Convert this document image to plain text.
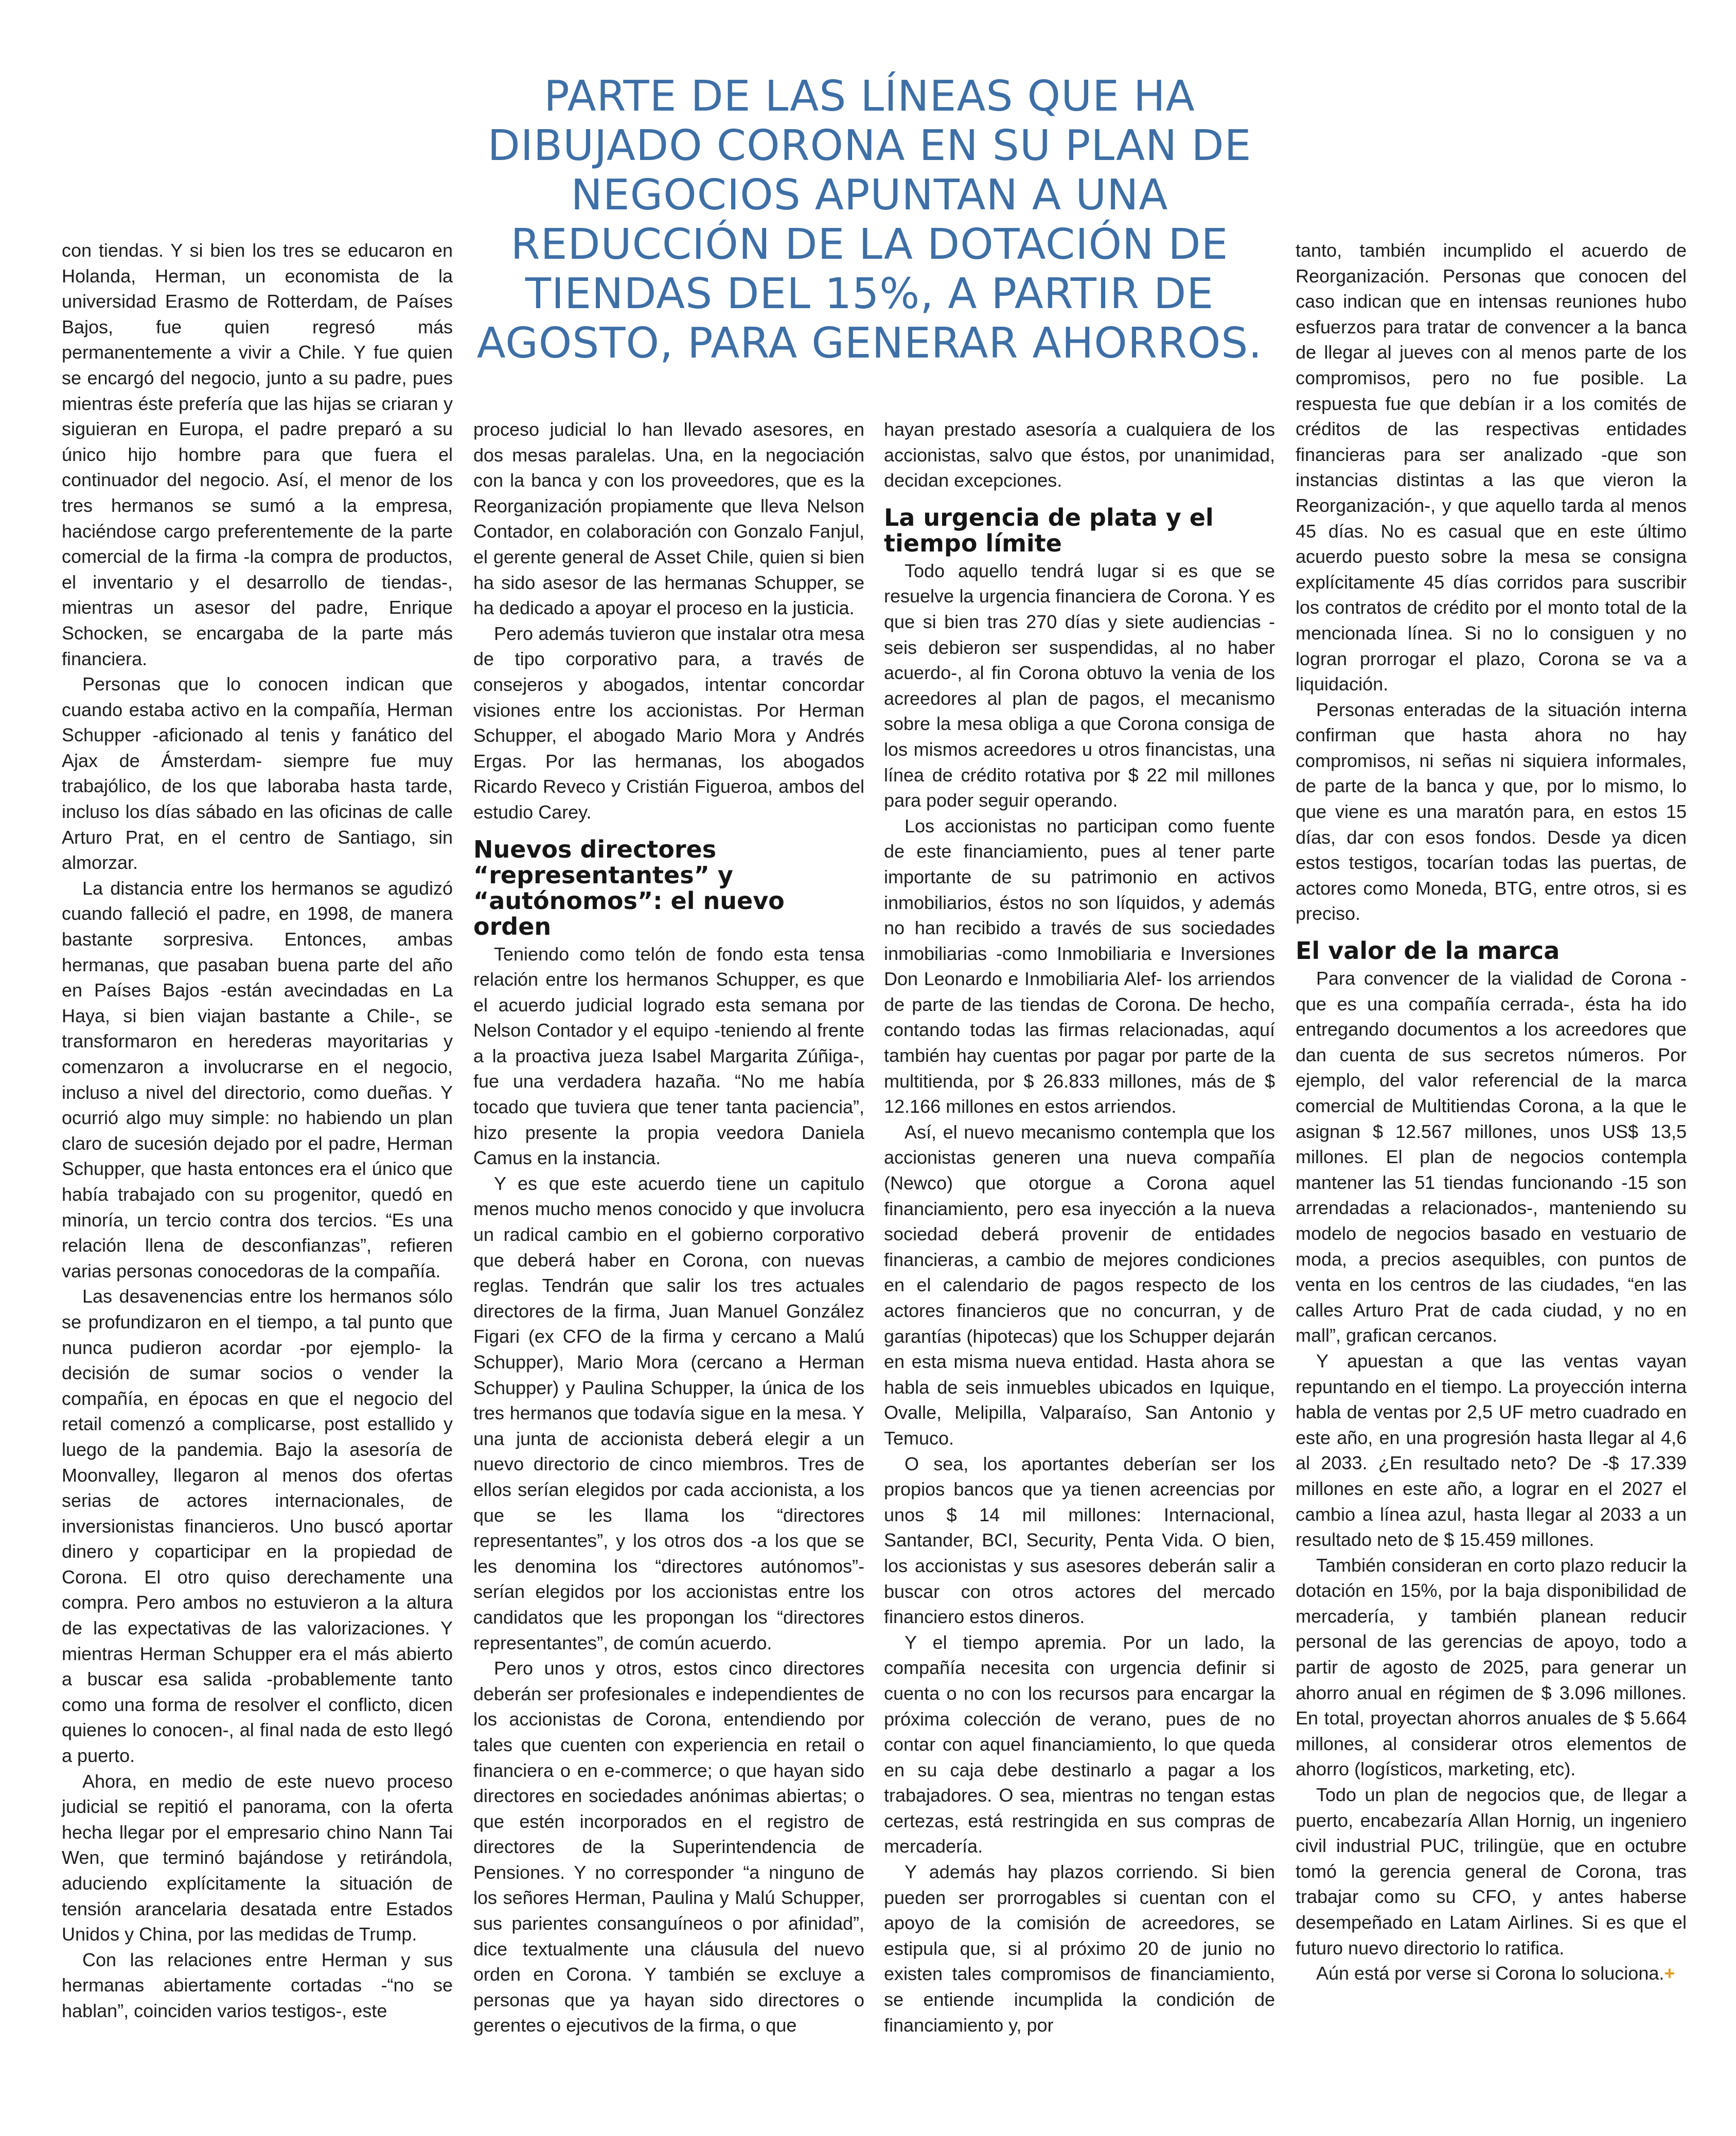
PARTE DE LAS LÍNEAS QUE HA DIBUJADO CORONA EN SU PLAN DE NEGOCIOS APUNTAN A UNA REDUCCIÓN DE LA DOTACIÓN DE TIENDAS DEL 15%, A PARTIR DE AGOSTO, PARA GENERAR AHORROS.

con tiendas. Y si bien los tres se educaron en Holanda, Herman, un economista de la universidad Erasmo de Rotterdam, de Países Bajos, fue quien regresó más permanentemente a vivir a Chile. Y fue quien se encargó del negocio, junto a su padre, pues mientras éste prefería que las hijas se criaran y siguieran en Europa, el padre preparó a su único hijo hombre para que fuera el continuador del negocio. Así, el menor de los tres hermanos se sumó a la empresa, haciéndose cargo preferentemente de la parte comercial de la firma -la compra de productos, el inventario y el desarrollo de tiendas-, mientras un asesor del padre, Enrique Schocken, se encargaba de la parte más financiera.

Personas que lo conocen indican que cuando estaba activo en la compañía, Herman Schupper -aficionado al tenis y fanático del Ajax de Ámsterdam- siempre fue muy trabajólico, de los que laboraba hasta tarde, incluso los días sábado en las oficinas de calle Arturo Prat, en el centro de Santiago, sin almorzar.

La distancia entre los hermanos se agudizó cuando falleció el padre, en 1998, de manera bastante sorpresiva. Entonces, ambas hermanas, que pasaban buena parte del año en Países Bajos -están avecindadas en La Haya, si bien viajan bastante a Chile-, se transformaron en herederas mayoritarias y comenzaron a involucrarse en el negocio, incluso a nivel del directorio, como dueñas. Y ocurrió algo muy simple: no habiendo un plan claro de sucesión dejado por el padre, Herman Schupper, que hasta entonces era el único que había trabajado con su progenitor, quedó en minoría, un tercio contra dos tercios. “Es una relación llena de desconfianzas”, refieren varias personas conocedoras de la compañía.

Las desavenencias entre los hermanos sólo se profundizaron en el tiempo, a tal punto que nunca pudieron acordar -por ejemplo- la decisión de sumar socios o vender la compañía, en épocas en que el negocio del retail comenzó a complicarse, post estallido y luego de la pandemia. Bajo la asesoría de Moonvalley, llegaron al menos dos ofertas serias de actores internacionales, de inversionistas financieros. Uno buscó aportar dinero y coparticipar en la propiedad de Corona. El otro quiso derechamente una compra. Pero ambos no estuvieron a la altura de las expectativas de las valorizaciones. Y mientras Herman Schupper era el más abierto a buscar esa salida -probablemente tanto como una forma de resolver el conflicto, dicen quienes lo conocen-, al final nada de esto llegó a puerto.

Ahora, en medio de este nuevo proceso judicial se repitió el panorama, con la oferta hecha llegar por el empresario chino Nann Tai Wen, que terminó bajándose y retirándola, aduciendo explícitamente la situación de tensión arancelaria desatada entre Estados Unidos y China, por las medidas de Trump.

Con las relaciones entre Herman y sus hermanas abiertamente cortadas -“no se hablan”, coinciden varios testigos-, este

proceso judicial lo han llevado asesores, en dos mesas paralelas. Una, en la negociación con la banca y con los proveedores, que es la Reorganización propiamente que lleva Nelson Contador, en colaboración con Gonzalo Fanjul, el gerente general de Asset Chile, quien si bien ha sido asesor de las hermanas Schupper, se ha dedicado a apoyar el proceso en la justicia.

Pero además tuvieron que instalar otra mesa de tipo corporativo para, a través de consejeros y abogados, intentar concordar visiones entre los accionistas. Por Herman Schupper, el abogado Mario Mora y Andrés Ergas. Por las hermanas, los abogados Ricardo Reveco y Cristián Figueroa, ambos del estudio Carey.

Nuevos directores “representantes” y “autónomos”: el nuevo orden

Teniendo como telón de fondo esta tensa relación entre los hermanos Schupper, es que el acuerdo judicial logrado esta semana por Nelson Contador y el equipo -teniendo al frente a la proactiva jueza Isabel Margarita Zúñiga-, fue una verdadera hazaña. “No me había tocado que tuviera que tener tanta paciencia”, hizo presente la propia veedora Daniela Camus en la instancia.

Y es que este acuerdo tiene un capitulo menos mucho menos conocido y que involucra un radical cambio en el gobierno corporativo que deberá haber en Corona, con nuevas reglas. Tendrán que salir los tres actuales directores de la firma, Juan Manuel González Figari (ex CFO de la firma y cercano a Malú Schupper), Mario Mora (cercano a Herman Schupper) y Paulina Schupper, la única de los tres hermanos que todavía sigue en la mesa. Y una junta de accionista deberá elegir a un nuevo directorio de cinco miembros. Tres de ellos serían elegidos por cada accionista, a los que se les llama los “directores representantes”, y los otros dos -a los que se les denomina los “directores autónomos”- serían elegidos por los accionistas entre los candidatos que les propongan los “directores representantes”, de común acuerdo.

Pero unos y otros, estos cinco directores deberán ser profesionales e independientes de los accionistas de Corona, entendiendo por tales que cuenten con experiencia en retail o financiera o en e-commerce; o que hayan sido directores en sociedades anónimas abiertas; o que estén incorporados en el registro de directores de la Superintendencia de Pensiones. Y no corresponder “a ninguno de los señores Herman, Paulina y Malú Schupper, sus parientes consanguíneos o por afinidad”, dice textualmente una cláusula del nuevo orden en Corona. Y también se excluye a personas que ya hayan sido directores o gerentes o ejecutivos de la firma, o que

hayan prestado asesoría a cualquiera de los accionistas, salvo que éstos, por unanimidad, decidan excepciones.

La urgencia de plata y el tiempo límite

Todo aquello tendrá lugar si es que se resuelve la urgencia financiera de Corona. Y es que si bien tras 270 días y siete audiencias -seis debieron ser suspendidas, al no haber acuerdo-, al fin Corona obtuvo la venia de los acreedores al plan de pagos, el mecanismo sobre la mesa obliga a que Corona consiga de los mismos acreedores u otros financistas, una línea de crédito rotativa por $ 22 mil millones para poder seguir operando.

Los accionistas no participan como fuente de este financiamiento, pues al tener parte importante de su patrimonio en activos inmobiliarios, éstos no son líquidos, y además no han recibido a través de sus sociedades inmobiliarias -como Inmobiliaria e Inversiones Don Leonardo e Inmobiliaria Alef- los arriendos de parte de las tiendas de Corona. De hecho, contando todas las firmas relacionadas, aquí también hay cuentas por pagar por parte de la multitienda, por $ 26.833 millones, más de $ 12.166 millones en estos arriendos.

Así, el nuevo mecanismo contempla que los accionistas generen una nueva compañía (Newco) que otorgue a Corona aquel financiamiento, pero esa inyección a la nueva sociedad deberá provenir de entidades financieras, a cambio de mejores condiciones en el calendario de pagos respecto de los actores financieros que no concurran, y de garantías (hipotecas) que los Schupper dejarán en esta misma nueva entidad. Hasta ahora se habla de seis inmuebles ubicados en Iquique, Ovalle, Melipilla, Valparaíso, San Antonio y Temuco.

O sea, los aportantes deberían ser los propios bancos que ya tienen acreencias por unos $ 14 mil millones: Internacional, Santander, BCI, Security, Penta Vida. O bien, los accionistas y sus asesores deberán salir a buscar con otros actores del mercado financiero estos dineros.

Y el tiempo apremia. Por un lado, la compañía necesita con urgencia definir si cuenta o no con los recursos para encargar la próxima colección de verano, pues de no contar con aquel financiamiento, lo que queda en su caja debe destinarlo a pagar a los trabajadores. O sea, mientras no tengan estas certezas, está restringida en sus compras de mercadería.

Y además hay plazos corriendo. Si bien pueden ser prorrogables si cuentan con el apoyo de la comisión de acreedores, se estipula que, si al próximo 20 de junio no existen tales compromisos de financiamiento, se entiende incumplida la condición de financiamiento y, por

tanto, también incumplido el acuerdo de Reorganización. Personas que conocen del caso indican que en intensas reuniones hubo esfuerzos para tratar de convencer a la banca de llegar al jueves con al menos parte de los compromisos, pero no fue posible. La respuesta fue que debían ir a los comités de créditos de las respectivas entidades financieras para ser analizado -que son instancias distintas a las que vieron la Reorganización-, y que aquello tarda al menos 45 días. No es casual que en este último acuerdo puesto sobre la mesa se consigna explícitamente 45 días corridos para suscribir los contratos de crédito por el monto total de la mencionada línea. Si no lo consiguen y no logran prorrogar el plazo, Corona se va a liquidación.

Personas enteradas de la situación interna confirman que hasta ahora no hay compromisos, ni señas ni siquiera informales, de parte de la banca y que, por lo mismo, lo que viene es una maratón para, en estos 15 días, dar con esos fondos. Desde ya dicen estos testigos, tocarían todas las puertas, de actores como Moneda, BTG, entre otros, si es preciso.

El valor de la marca

Para convencer de la vialidad de Corona -que es una compañía cerrada-, ésta ha ido entregando documentos a los acreedores que dan cuenta de sus secretos números. Por ejemplo, del valor referencial de la marca comercial de Multitiendas Corona, a la que le asignan $ 12.567 millones, unos US$ 13,5 millones. El plan de negocios contempla mantener las 51 tiendas funcionando -15 son arrendadas a relacionados-, manteniendo su modelo de negocios basado en vestuario de moda, a precios asequibles, con puntos de venta en los centros de las ciudades, “en las calles Arturo Prat de cada ciudad, y no en mall”, grafican cercanos.

Y apuestan a que las ventas vayan repuntando en el tiempo. La proyección interna habla de ventas por 2,5 UF metro cuadrado en este año, en una progresión hasta llegar al 4,6 al 2033. ¿En resultado neto? De -$ 17.339 millones en este año, a lograr en el 2027 el cambio a línea azul, hasta llegar al 2033 a un resultado neto de $ 15.459 millones.

También consideran en corto plazo reducir la dotación en 15%, por la baja disponibilidad de mercadería, y también planean reducir personal de las gerencias de apoyo, todo a partir de agosto de 2025, para generar un ahorro anual en régimen de $ 3.096 millones. En total, proyectan ahorros anuales de $ 5.664 millones, al considerar otros elementos de ahorro (logísticos, marketing, etc).

Todo un plan de negocios que, de llegar a puerto, encabezaría Allan Hornig, un ingeniero civil industrial PUC, trilingüe, que en octubre tomó la gerencia general de Corona, tras trabajar como su CFO, y antes haberse desempeñado en Latam Airlines. Si es que el futuro nuevo directorio lo ratifica.

Aún está por verse si Corona lo soluciona.+
